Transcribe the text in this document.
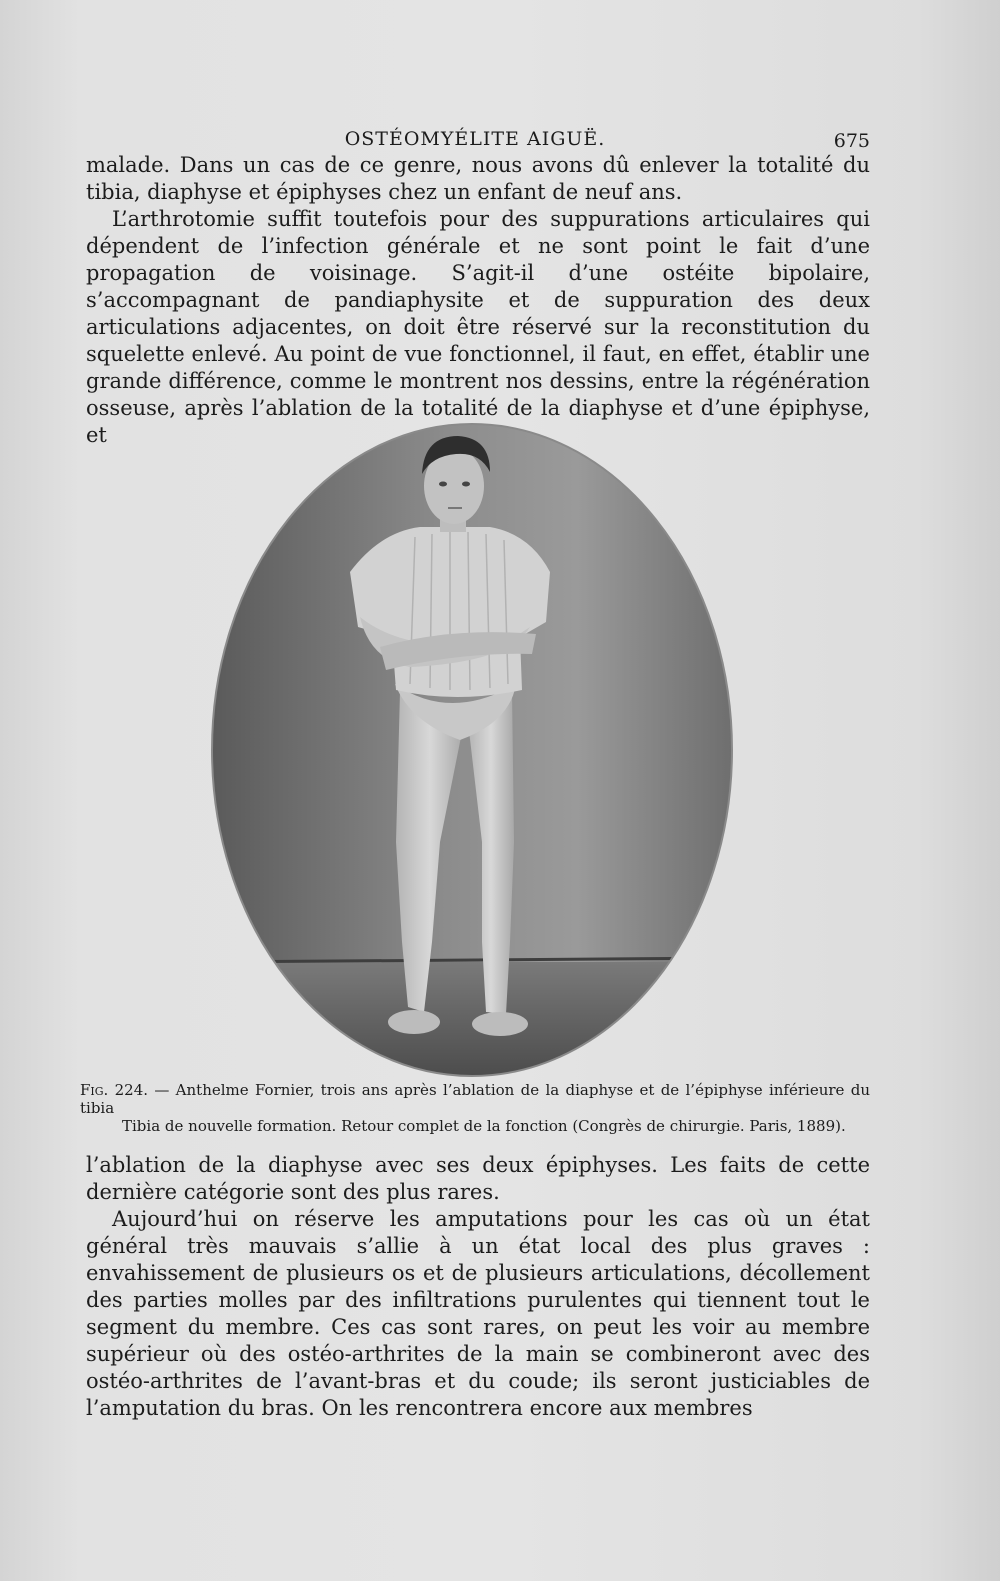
OSTÉOMYÉLITE AIGUË.	675

malade. Dans un cas de ce genre, nous avons dû enlever la totalité du tibia, diaphyse et épiphyses chez un enfant de neuf ans.

L’arthrotomie suffit toutefois pour des suppurations articulaires qui dépendent de l’infection générale et ne sont point le fait d’une propagation de voisinage. S’agit-il d’une ostéite bipolaire, s’accompagnant de pandiaphysite et de suppuration des deux articulations adjacentes, on doit être réservé sur la reconstitution du squelette enlevé. Au point de vue fonctionnel, il faut, en effet, établir une grande différence, comme le montrent nos dessins, entre la régénération osseuse, après l’ablation de la totalité de la diaphyse et d’une épiphyse, et

Fig. 224. — Anthelme Fornier, trois ans après l’ablation de la diaphyse et de l’épiphyse inférieure du tibia

Tibia de nouvelle formation. Retour complet de la fonction (Congrès de chirurgie. Paris, 1889).

l’ablation de la diaphyse avec ses deux épiphyses. Les faits de cette dernière catégorie sont des plus rares.

Aujourd’hui on réserve les amputations pour les cas où un état général très mauvais s’allie à un état local des plus graves : envahissement de plusieurs os et de plusieurs articulations, décollement des parties molles par des infiltrations purulentes qui tiennent tout le segment du membre. Ces cas sont rares, on peut les voir au membre supérieur où des ostéo-arthrites de la main se combineront avec des ostéo-arthrites de l’avant-bras et du coude; ils seront justiciables de l’amputation du bras. On les rencontrera encore aux membres
